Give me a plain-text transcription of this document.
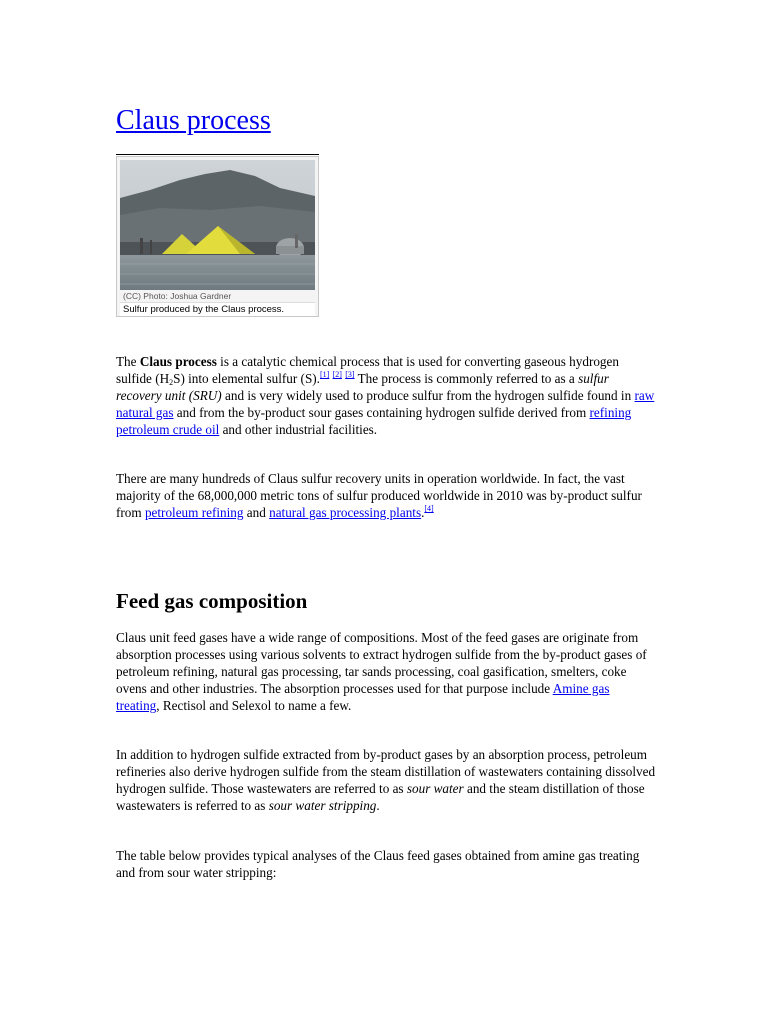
Claus process
(CC) Photo: Joshua Gardner
Sulfur produced by the Claus process.

The Claus process is a catalytic chemical process that is used for converting gaseous hydrogen sulfide $(H_2S)$ into elemental sulfur (S).[1] [2] [3] The process is commonly referred to as a sulfur recovery unit (SRU) and is very widely used to produce sulfur from the hydrogen sulfide found in raw natural gas and from the by-product sour gases containing hydrogen sulfide derived from refining petroleum crude oil and other industrial facilities.

There are many hundreds of Claus sulfur recovery units in operation worldwide. In fact, the vast majority of the 68,000,000 metric tons of sulfur produced worldwide in 2010 was by-product sulfur from petroleum refining and natural gas processing plants.[4]

Feed gas composition

Claus unit feed gases have a wide range of compositions. Most of the feed gases are originate from absorption processes using various solvents to extract hydrogen sulfide from the by-product gases of petroleum refining, natural gas processing, tar sands processing, coal gasification, smelters, coke ovens and other industries. The absorption processes used for that purpose include Amine gas treating, Rectisol and Selexol to name a few.

In addition to hydrogen sulfide extracted from by-product gases by an absorption process, petroleum refineries also derive hydrogen sulfide from the steam distillation of wastewaters containing dissolved hydrogen sulfide. Those wastewaters are referred to as sour water and the steam distillation of those wastewaters is referred to as sour water stripping.

The table below provides typical analyses of the Claus feed gases obtained from amine gas treating and from sour water stripping:
